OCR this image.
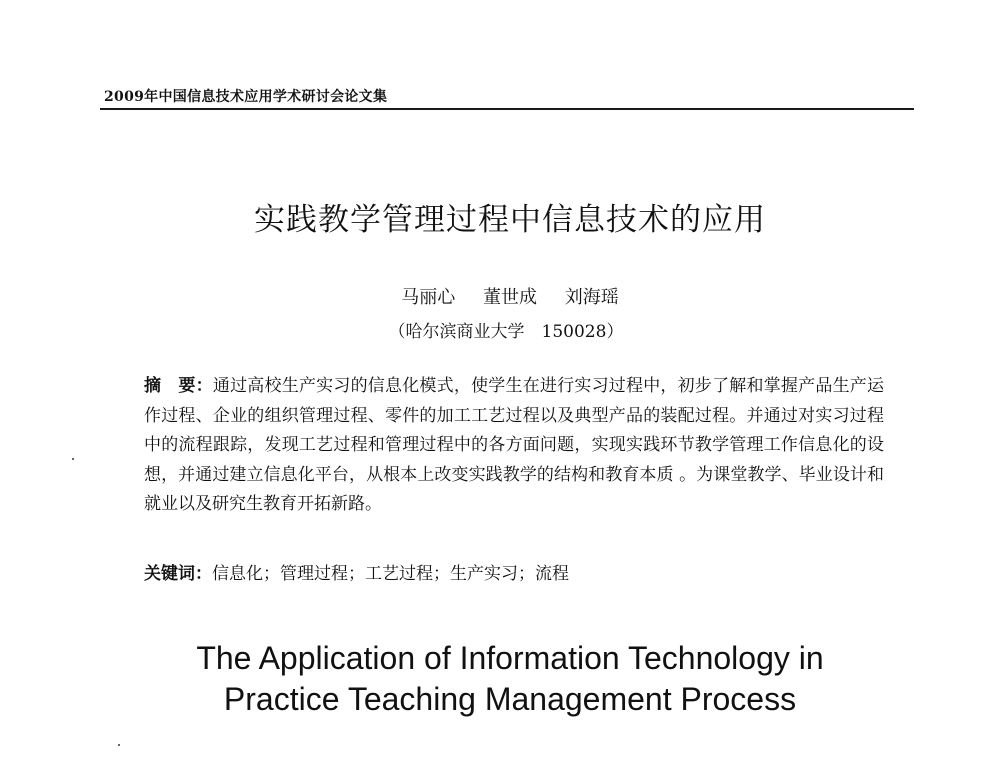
2009年中国信息技术应用学术研讨会论文集
实践教学管理过程中信息技术的应用
马丽心 董世成 刘海瑶
（哈尔滨商业大学　150028）
摘　要：通过高校生产实习的信息化模式，使学生在进行实习过程中，初步了解和掌握产品生产运作过程、企业的组织管理过程、零件的加工工艺过程以及典型产品的装配过程。并通过对实习过程中的流程跟踪，发现工艺过程和管理过程中的各方面问题，实现实践环节教学管理工作信息化的设想，并通过建立信息化平台，从根本上改变实践教学的结构和教育本质 。为课堂教学、毕业设计和就业以及研究生教育开拓新路。
关键词：信息化；管理过程；工艺过程；生产实习；流程
The Application of Information Technology in
Practice Teaching Management Process
